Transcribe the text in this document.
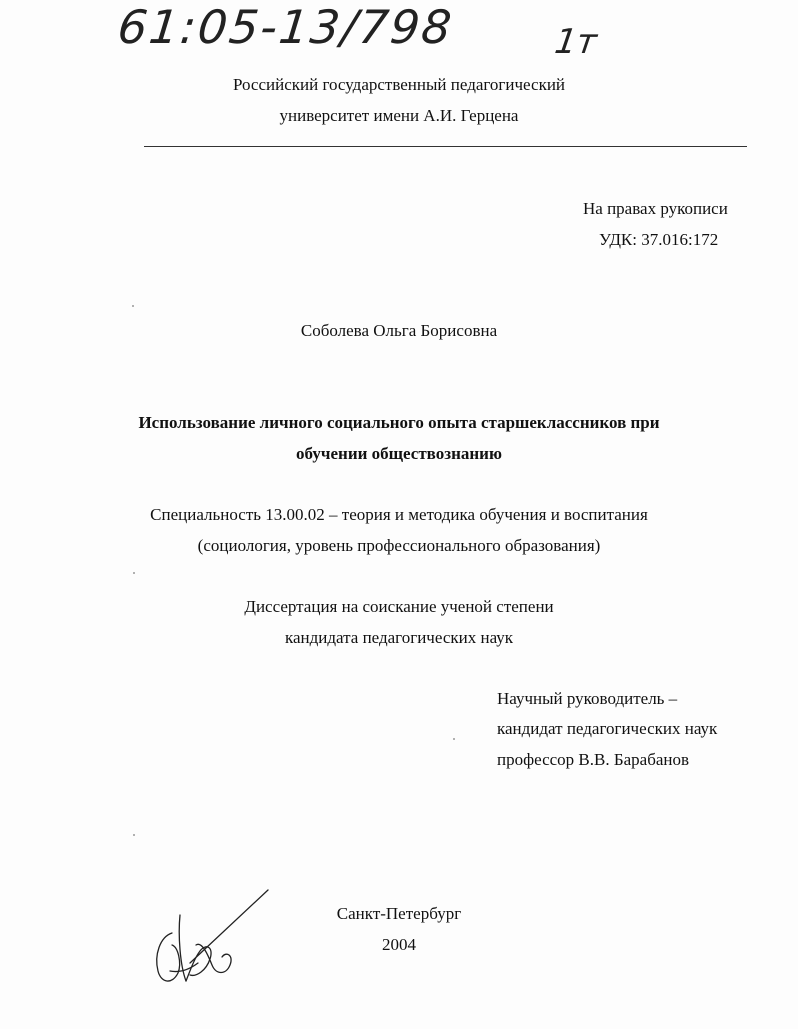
61:05-13/798	1т
Российский государственный педагогический
университет имени А.И. Герцена
На правах рукописи
УДК: 37.016:172
Соболева Ольга Борисовна
Использование личного социального опыта старшеклассников при
обучении обществознанию
Специальность 13.00.02 – теория и методика обучения и воспитания
(социология, уровень профессионального образования)
Диссертация на соискание ученой степени
кандидата педагогических наук
Научный руководитель –
кандидат педагогических наук
профессор В.В. Барабанов
Санкт-Петербург
2004
